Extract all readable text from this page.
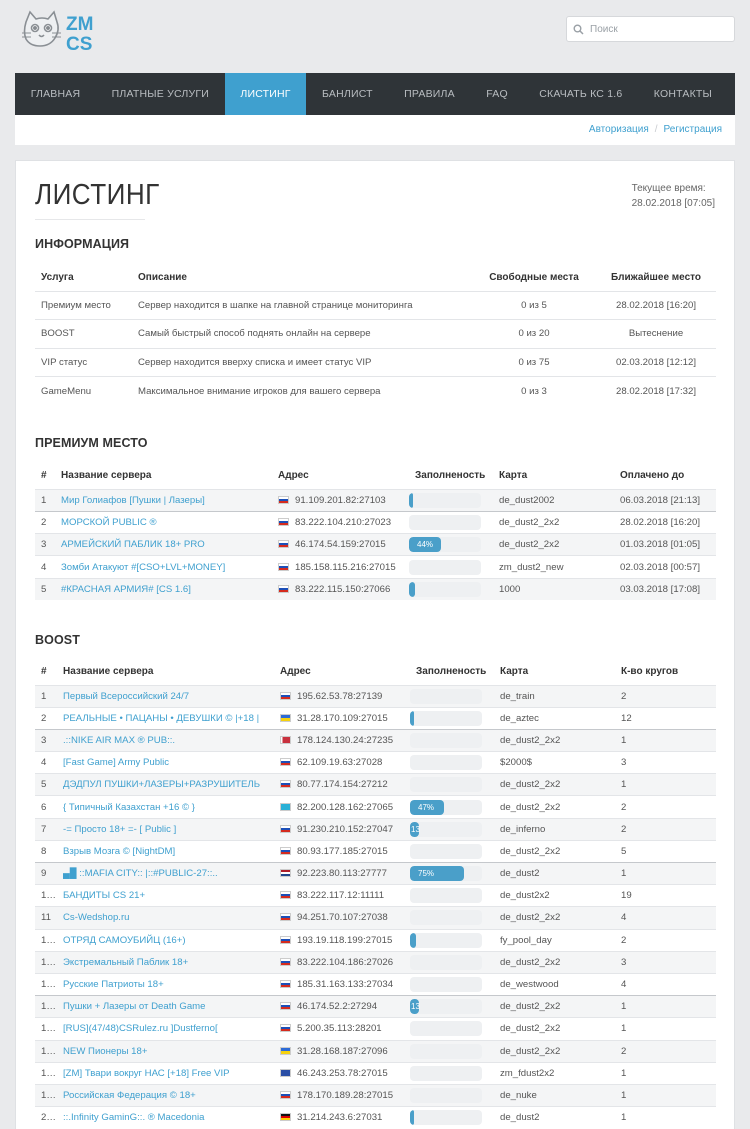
ZM
CS
Поиск
ГЛАВНАЯ	ПЛАТНЫЕ УСЛУГИ	ЛИСТИНГ	БАНЛИСТ	ПРАВИЛА	FAQ	СКАЧАТЬ КС 1.6	КОНТАКТЫ
Авторизация / Регистрация
ЛИСТИНГ	Текущее время:
28.02.2018 [07:05]
ИНФОРМАЦИЯ
Услуга	Описание	Свободные места	Ближайшее место
Премиум место	Сервер находится в шапке на главной странице мониторинга	0 из 5	28.02.2018 [16:20]
BOOST	Самый быстрый способ поднять онлайн на сервере	0 из 20	Вытеснение
VIP статус	Сервер находится вверху списка и имеет статус VIP	0 из 75	02.03.2018 [12:12]
GameMenu	Максимальное внимание игроков для вашего сервера	0 из 3	28.02.2018 [17:32]
ПРЕМИУМ МЕСТО
#	Название сервера	Адрес	Заполненость	Карта	Оплачено до
1	Мир Голиафов [Пушки | Лазеры]	91.109.201.82:27103		de_dust2002	06.03.2018 [21:13]
2	МОРСКОЙ PUBLIC ®	83.222.104.210:27023		de_dust2_2x2	28.02.2018 [16:20]
3	АРМЕЙСКИЙ ПАБЛИК 18+ PRO	46.174.54.159:27015	44%	de_dust2_2x2	01.03.2018 [01:05]
4	Зомби Атакуют #[CSO+LVL+MONEY]	185.158.115.216:27015		zm_dust2_new	02.03.2018 [00:57]
5	#КРАСНАЯ АРМИЯ# [CS 1.6]	83.222.115.150:27066		1000	03.03.2018 [17:08]
BOOST
#	Название сервера	Адрес	Заполненость	Карта	К-во кругов
1	Первый Всероссийский 24/7	195.62.53.78:27139		de_train	2
2	РЕАЛЬНЫЕ • ПАЦАНЫ • ДЕВУШКИ © |+18 |	31.28.170.109:27015		de_aztec	12
3	.::NIKE AIR MAX ® PUB::.	178.124.130.24:27235		de_dust2_2x2	1
4	[Fast Game] Army Public	62.109.19.63:27028		$2000$	3
5	ДЭДПУЛ ПУШКИ+ЛАЗЕРЫ+РАЗРУШИТЕЛЬ	80.77.174.154:27212		de_dust2_2x2	1
6	{ Типичный Казахстан +16 © }	82.200.128.162:27065	47%	de_dust2_2x2	2
7	-= Просто 18+ =- [ Public ]	91.230.210.152:27047	13	de_inferno	2
8	Взрыв Мозга © [NightDM]	80.93.177.185:27015		de_dust2_2x2	5
9	▄█ ::MAFIA CITY:: |::#PUBLIC-27::..	92.223.80.113:27777	75%	de_dust2	1
10	БАНДИТЫ CS 21+	83.222.117.12:11111		de_dust2x2	19
11	Cs-Wedshop.ru	94.251.70.107:27038		de_dust2_2x2	4
12	ОТРЯД САМОУБИЙЦ (16+)	193.19.118.199:27015		fy_pool_day	2
13	Экстремальный Паблик 18+	83.222.104.186:27026		de_dust2_2x2	3
14	Русские Патриоты 18+	185.31.163.133:27034		de_westwood	4
15	Пушки + Лазеры от Death Game	46.174.52.2:27294	13	de_dust2_2x2	1
16	[RUS](47/48)CSRulez.ru ]Dustferno[	5.200.35.113:28201		de_dust2_2x2	1
17	NEW Пионеры 18+	31.28.168.187:27096		de_dust2_2x2	2
18	[ZM] Твари вокруг НАС [+18] Free VIP	46.243.253.78:27015		zm_fdust2x2	1
19	Российская Федерация © 18+	178.170.189.28:27015		de_nuke	1
20	::.Infinity GaminG::. ® Macedonia	31.214.243.6:27031		de_dust2	1
